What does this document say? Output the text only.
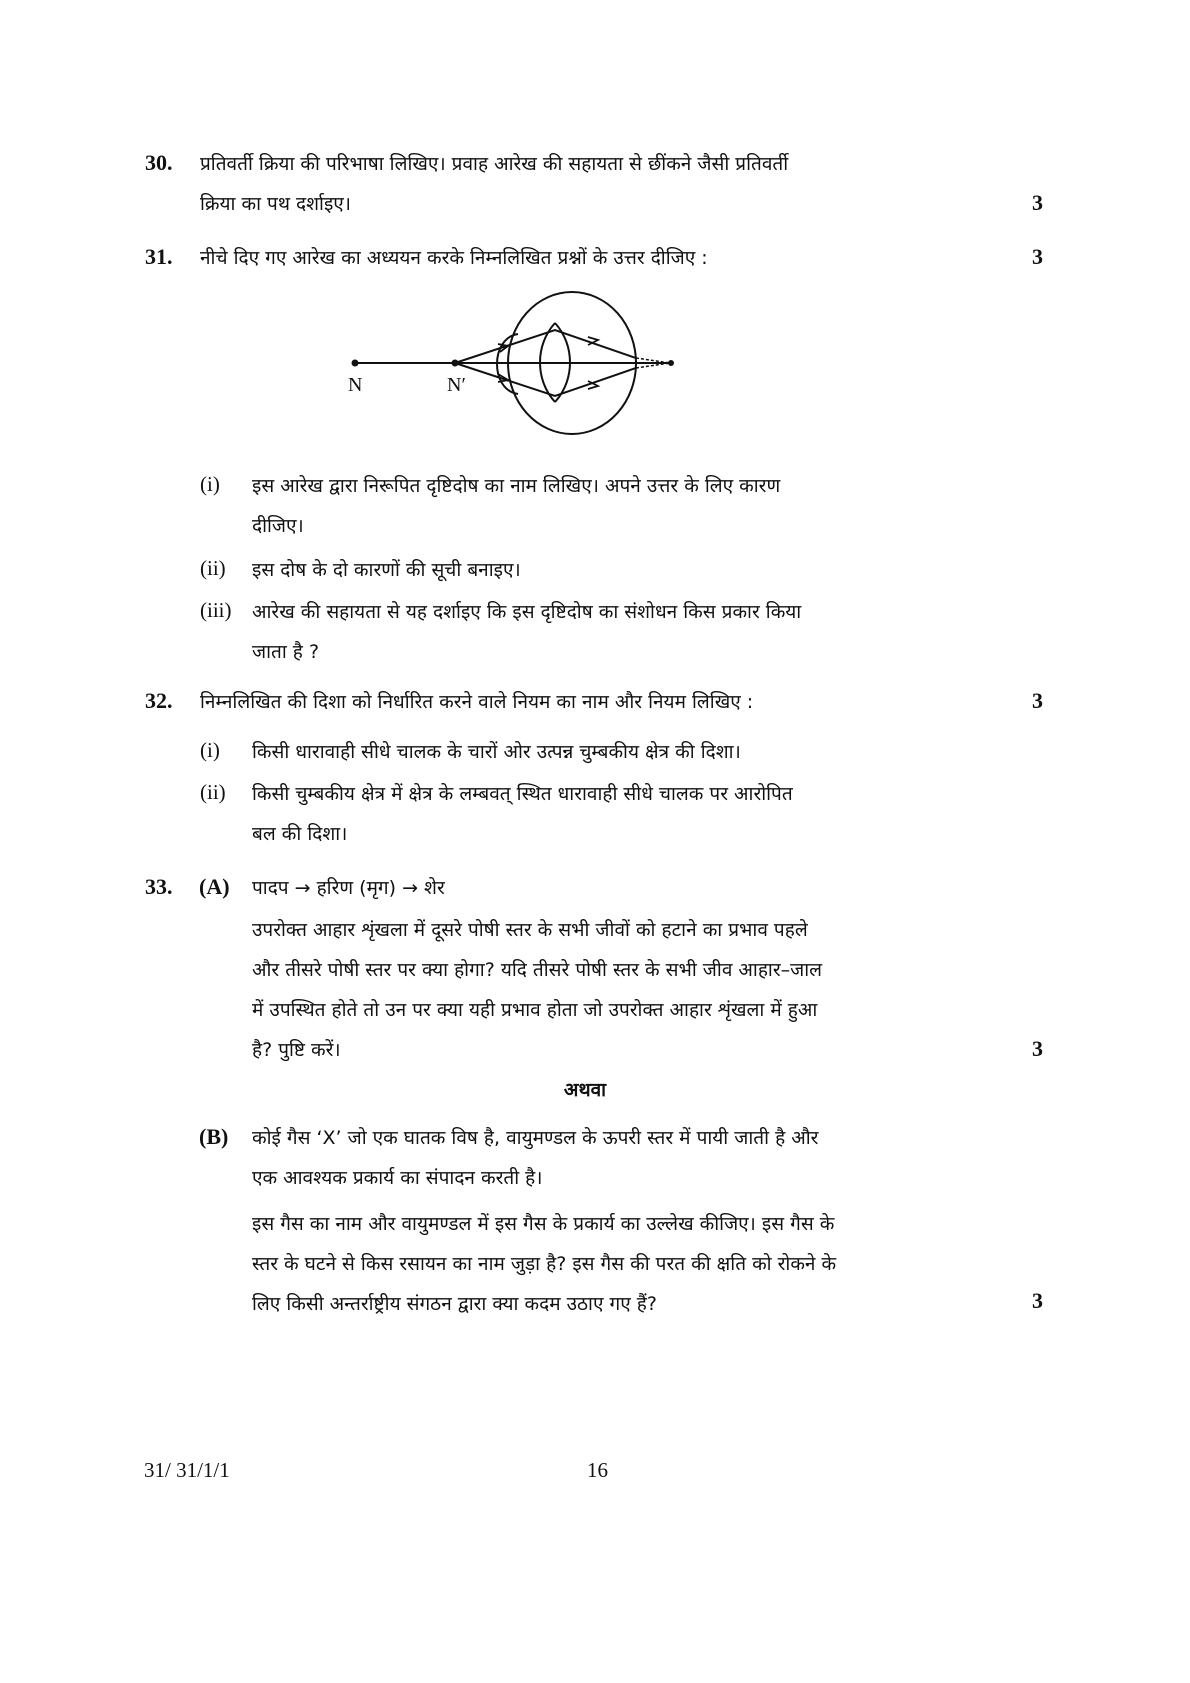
30. प्रतिवर्ती क्रिया की परिभाषा लिखिए। प्रवाह आरेख की सहायता से छींकने जैसी प्रतिवर्ती
क्रिया का पथ दर्शाइए।	3
31. नीचे दिए गए आरेख का अध्ययन करके निम्नलिखित प्रश्नों के उत्तर दीजिए :	3
N	N′
(i) इस आरेख द्वारा निरूपित दृष्टिदोष का नाम लिखिए। अपने उत्तर के लिए कारण
दीजिए।
(ii) इस दोष के दो कारणों की सूची बनाइए।
(iii) आरेख की सहायता से यह दर्शाइए कि इस दृष्टिदोष का संशोधन किस प्रकार किया
जाता है ?
32. निम्नलिखित की दिशा को निर्धारित करने वाले नियम का नाम और नियम लिखिए :	3
(i) किसी धारावाही सीधे चालक के चारों ओर उत्पन्न चुम्बकीय क्षेत्र की दिशा।
(ii) किसी चुम्बकीय क्षेत्र में क्षेत्र के लम्बवत् स्थित धारावाही सीधे चालक पर आरोपित
बल की दिशा।
33. (A) पादप → हरिण (मृग) → शेर
उपरोक्त आहार शृंखला में दूसरे पोषी स्तर के सभी जीवों को हटाने का प्रभाव पहले
और तीसरे पोषी स्तर पर क्या होगा? यदि तीसरे पोषी स्तर के सभी जीव आहार–जाल
में उपस्थित होते तो उन पर क्या यही प्रभाव होता जो उपरोक्त आहार शृंखला में हुआ
है? पुष्टि करें।	3
अथवा
(B) कोई गैस ‘X’ जो एक घातक विष है, वायुमण्डल के ऊपरी स्तर में पायी जाती है और
एक आवश्यक प्रकार्य का संपादन करती है।
इस गैस का नाम और वायुमण्डल में इस गैस के प्रकार्य का उल्लेख कीजिए। इस गैस के
स्तर के घटने से किस रसायन का नाम जुड़ा है? इस गैस की परत की क्षति को रोकने के
लिए किसी अन्तर्राष्ट्रीय संगठन द्वारा क्या कदम उठाए गए हैं?	3
31/ 31/1/1	16
